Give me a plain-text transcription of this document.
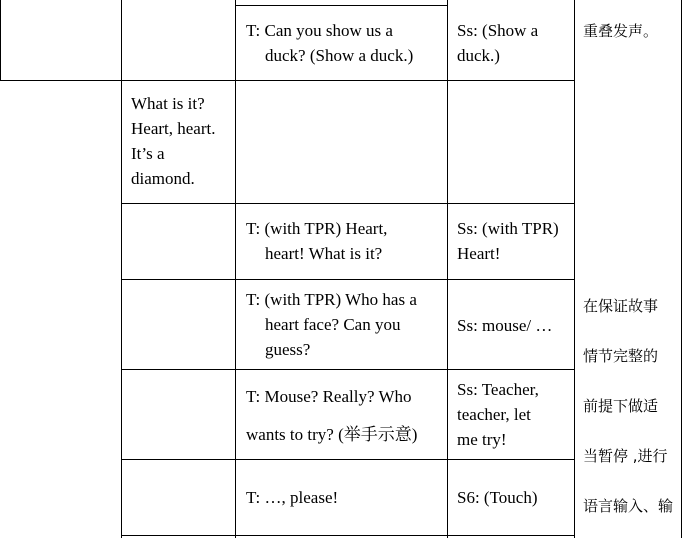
T: Can you show us a
duck? (Show a duck.)
Ss: (Show a
duck.)
What is it?
Heart, heart.
It’s a
diamond.
T: (with TPR) Heart,
heart! What is it?
Ss: (with TPR)
Heart!
T: (with TPR) Who has a
heart face? Can you
guess?
Ss: mouse/ …
T: Mouse? Really? Who
wants to try? (举手示意)
Ss: Teacher,
teacher, let
me try!
T: …, please!	S6: (Touch)
重叠发声。
在保证故事
情节完整的
前提下做适
当暂停 ,进行
语言输入、输
